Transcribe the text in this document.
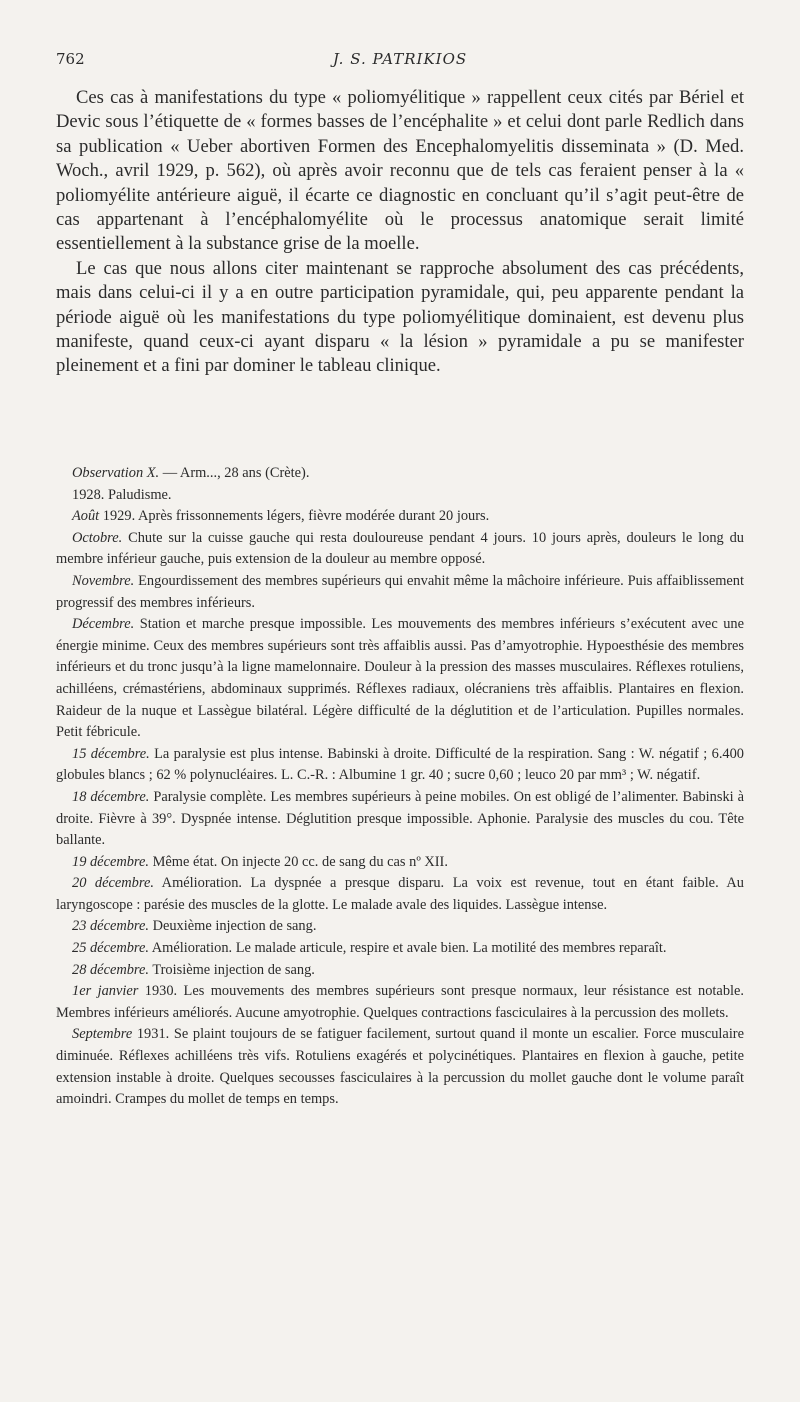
762	J. S. PATRIKIOS

Ces cas à manifestations du type « poliomyélitique » rappellent ceux cités par Bériel et Devic sous l’étiquette de « formes basses de l’encéphalite » et celui dont parle Redlich dans sa publication « Ueber abortiven Formen des Encephalomyelitis disseminata » (D. Med. Woch., avril 1929, p. 562), où après avoir reconnu que de tels cas feraient penser à la « poliomyélite antérieure aiguë, il écarte ce diagnostic en concluant qu’il s’agit peut-être de cas appartenant à l’encéphalomyélite où le processus anatomique serait limité essentiellement à la substance grise de la moelle.

Le cas que nous allons citer maintenant se rapproche absolument des cas précédents, mais dans celui-ci il y a en outre participation pyramidale, qui, peu apparente pendant la période aiguë où les manifestations du type poliomyélitique dominaient, est devenu plus manifeste, quand ceux-ci ayant disparu « la lésion » pyramidale a pu se manifester pleinement et a fini par dominer le tableau clinique.

Observation X. — Arm..., 28 ans (Crète).

1928. Paludisme.

Août 1929. Après frissonnements légers, fièvre modérée durant 20 jours.

Octobre. Chute sur la cuisse gauche qui resta douloureuse pendant 4 jours. 10 jours après, douleurs le long du membre inférieur gauche, puis extension de la douleur au membre opposé.

Novembre. Engourdissement des membres supérieurs qui envahit même la mâchoire inférieure. Puis affaiblissement progressif des membres inférieurs.

Décembre. Station et marche presque impossible. Les mouvements des membres inférieurs s’exécutent avec une énergie minime. Ceux des membres supérieurs sont très affaiblis aussi. Pas d’amyotrophie. Hypoesthésie des membres inférieurs et du tronc jusqu’à la ligne mamelonnaire. Douleur à la pression des masses musculaires. Réflexes rotuliens, achilléens, crémastériens, abdominaux supprimés. Réflexes radiaux, olécraniens très affaiblis. Plantaires en flexion. Raideur de la nuque et Lassègue bilatéral. Légère difficulté de la déglutition et de l’articulation. Pupilles normales. Petit fébricule.

15 décembre. La paralysie est plus intense. Babinski à droite. Difficulté de la respiration. Sang : W. négatif ; 6.400 globules blancs ; 62 % polynucléaires. L. C.-R. : Albumine 1 gr. 40 ; sucre 0,60 ; leuco 20 par mm³ ; W. négatif.

18 décembre. Paralysie complète. Les membres supérieurs à peine mobiles. On est obligé de l’alimenter. Babinski à droite. Fièvre à 39°. Dyspnée intense. Déglutition presque impossible. Aphonie. Paralysie des muscles du cou. Tête ballante.

19 décembre. Même état. On injecte 20 cc. de sang du cas nº XII.

20 décembre. Amélioration. La dyspnée a presque disparu. La voix est revenue, tout en étant faible. Au laryngoscope : parésie des muscles de la glotte. Le malade avale des liquides. Lassègue intense.

23 décembre. Deuxième injection de sang.

25 décembre. Amélioration. Le malade articule, respire et avale bien. La motilité des membres reparaît.

28 décembre. Troisième injection de sang.

1er janvier 1930. Les mouvements des membres supérieurs sont presque normaux, leur résistance est notable. Membres inférieurs améliorés. Aucune amyotrophie. Quelques contractions fasciculaires à la percussion des mollets.

Septembre 1931. Se plaint toujours de se fatiguer facilement, surtout quand il monte un escalier. Force musculaire diminuée. Réflexes achilléens très vifs. Rotuliens exagérés et polycinétiques. Plantaires en flexion à gauche, petite extension instable à droite. Quelques secousses fasciculaires à la percussion du mollet gauche dont le volume paraît amoindri. Crampes du mollet de temps en temps.
